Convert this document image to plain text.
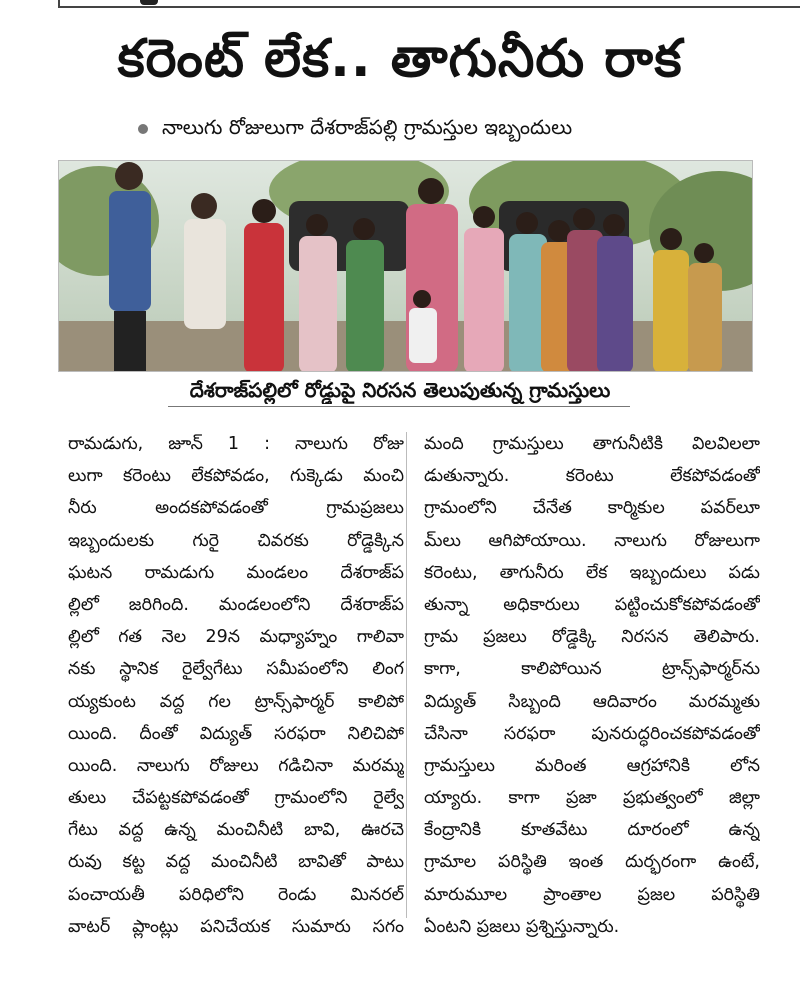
కరెంట్ లేక.. తాగునీరు రాక
నాలుగు రోజులుగా దేశరాజ్‌పల్లి గ్రామస్తుల ఇబ్బందులు
దేశరాజ్‌పల్లిలో రోడ్డుపై నిరసన తెలుపుతున్న గ్రామస్తులు
రామడుగు, జూన్ 1 : నాలుగు రోజు
లుగా కరెంటు లేకపోవడం, గుక్కెడు మంచి
నీరు అందకపోవడంతో గ్రామప్రజలు
ఇబ్బందులకు గురై చివరకు రోడ్డెక్కిన
ఘటన రామడుగు మండలం దేశరాజ్‌ప
ల్లిలో జరిగింది. మండలంలోని దేశరాజ్‌ప
ల్లిలో గత నెల 29న మధ్యాహ్నం గాలివా
నకు స్థానిక రైల్వేగేటు సమీపంలోని లింగ
య్యకుంట వద్ద గల ట్రాన్స్‌ఫార్మర్ కాలిపో
యింది. దీంతో విద్యుత్ సరఫరా నిలిచిపో
యింది. నాలుగు రోజులు గడిచినా మరమ్మ
తులు చేపట్టకపోవడంతో గ్రామంలోని రైల్వే
గేటు వద్ద ఉన్న మంచినీటి బావి, ఊరచె
రువు కట్ట వద్ద మంచినీటి బావితో పాటు
పంచాయతీ పరిధిలోని రెండు మినరల్
వాటర్ ప్లాంట్లు పనిచేయక సుమారు సగం
మంది గ్రామస్తులు తాగునీటికి విలవిలలా
డుతున్నారు. కరెంటు లేకపోవడంతో
గ్రామంలోని చేనేత కార్మికుల పవర్‌లూ
మ్‌లు ఆగిపోయాయి. నాలుగు రోజులుగా
కరెంటు, తాగునీరు లేక ఇబ్బందులు పడు
తున్నా అధికారులు పట్టించుకోకపోవడంతో
గ్రామ ప్రజలు రోడ్డెక్కి నిరసన తెలిపారు.
కాగా, కాలిపోయిన ట్రాన్స్‌ఫార్మర్‌ను
విద్యుత్ సిబ్బంది ఆదివారం మరమ్మతు
చేసినా సరఫరా పునరుద్ధరించకపోవడంతో
గ్రామస్తులు మరింత ఆగ్రహానికి లోన
య్యారు. కాగా ప్రజా ప్రభుత్వంలో జిల్లా
కేంద్రానికి కూతవేటు దూరంలో ఉన్న
గ్రామాల పరిస్థితి ఇంత దుర్భరంగా ఉంటే,
మారుమూల ప్రాంతాల ప్రజల పరిస్థితి
ఏంటని ప్రజలు ప్రశ్నిస్తున్నారు.
